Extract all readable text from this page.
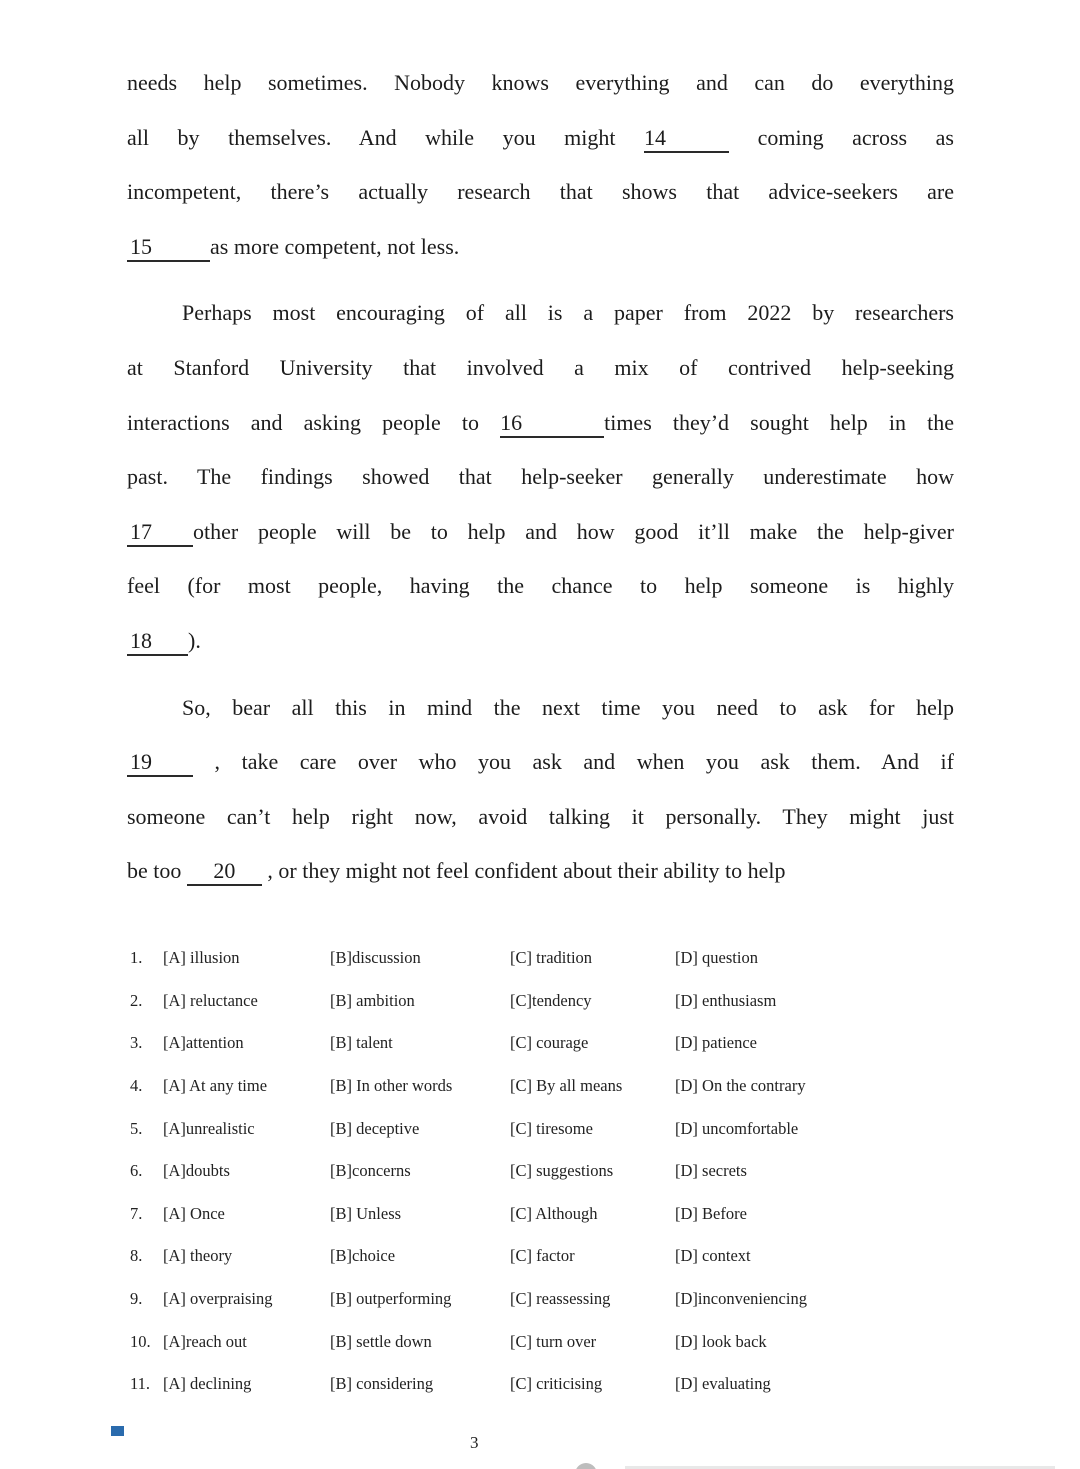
needs help sometimes. Nobody knows everything and can do everything
all by themselves. And while you might 14	coming across as
incompetent, there’s actually research that shows that advice-seekers are
15	as more competent, not less.
Perhaps most encouraging of all is a paper from 2022 by researchers
at Stanford University that involved a mix of contrived help-seeking
interactions and asking people to 16	times they’d sought help in the
past. The findings showed that help-seeker generally underestimate how
17 other people will be to help and how good it’ll make the help-giver
feel (for most people, having the chance to help someone is highly
18 ).
So, bear all this in mind the next time you need to ask for help
19 , take care over who you ask and when you ask them. And if
someone can’t help right now, avoid talking it personally. They might just
be too 20 , or they might not feel confident about their ability to help
1.	[A] illusion	[B]discussion	[C] tradition	[D] question
2.	[A] reluctance	[B] ambition	[C]tendency	[D] enthusiasm
3.	[A]attention	[B] talent	[C] courage	[D] patience
4.	[A] At any time	[B] In other words	[C] By all means	[D] On the contrary
5.	[A]unrealistic	[B] deceptive	[C] tiresome	[D] uncomfortable
6.	[A]doubts	[B]concerns	[C] suggestions	[D] secrets
7.	[A] Once	[B] Unless	[C] Although	[D] Before
8.	[A] theory	[B]choice	[C] factor	[D] context
9.	[A] overpraising	[B] outperforming	[C] reassessing	[D]inconveniencing
10. [A]reach out	[B] settle down	[C] turn over	[D] look back
11. [A] declining	[B] considering	[C] criticising	[D] evaluating
3
